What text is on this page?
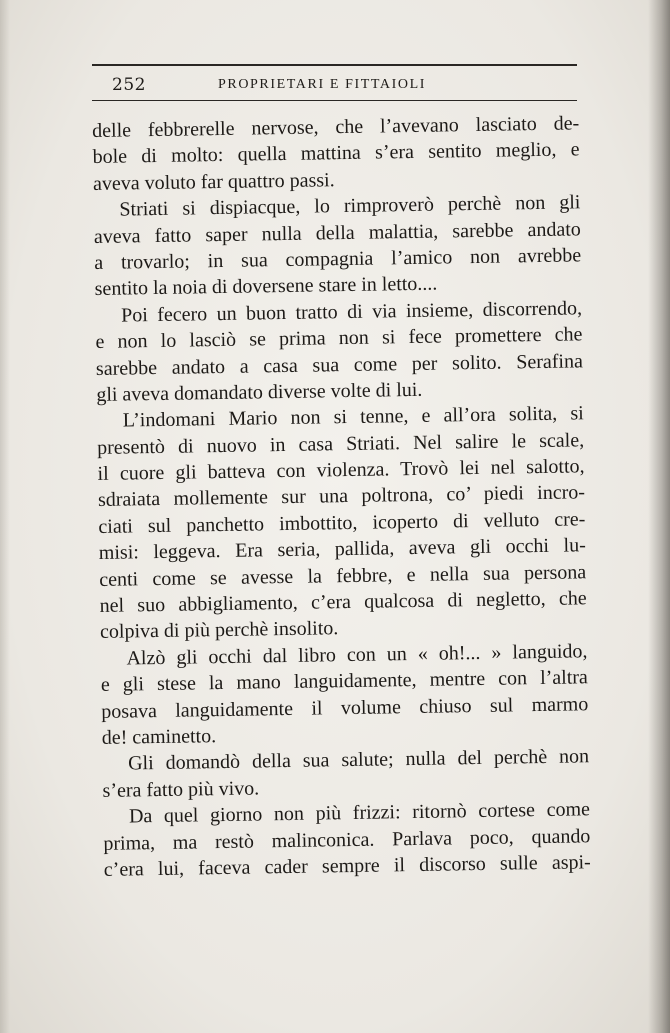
252	PROPRIETARI E FITTAIOLI
delle febbrerelle nervose, che l’avevano lasciato de-
bole di molto: quella mattina s’era sentito meglio, e
aveva voluto far quattro passi.
Striati si dispiacque, lo rimproverò perchè non gli
aveva fatto saper nulla della malattia, sarebbe andato
a trovarlo; in sua compagnia l’amico non avrebbe
sentito la noia di doversene stare in letto....
Poi fecero un buon tratto di via insieme, discorrendo,
e non lo lasciò se prima non si fece promettere che
sarebbe andato a casa sua come per solito. Serafina
gli aveva domandato diverse volte di lui.
L’indomani Mario non si tenne, e all’ora solita, si
presentò di nuovo in casa Striati. Nel salire le scale,
il cuore gli batteva con violenza. Trovò lei nel salotto,
sdraiata mollemente sur una poltrona, co’ piedi incro-
ciati sul panchetto imbottito, icoperto di velluto cre-
misi: leggeva. Era seria, pallida, aveva gli occhi lu-
centi come se avesse la febbre, e nella sua persona
nel suo abbigliamento, c’era qualcosa di negletto, che
colpiva di più perchè insolito.
Alzò gli occhi dal libro con un « oh!... » languido,
e gli stese la mano languidamente, mentre con l’altra
posava languidamente il volume chiuso sul marmo
de! caminetto.
Gli domandò della sua salute; nulla del perchè non
s’era fatto più vivo.
Da quel giorno non più frizzi: ritornò cortese come
prima, ma restò malinconica. Parlava poco, quando
c’era lui, faceva cader sempre il discorso sulle aspi-
